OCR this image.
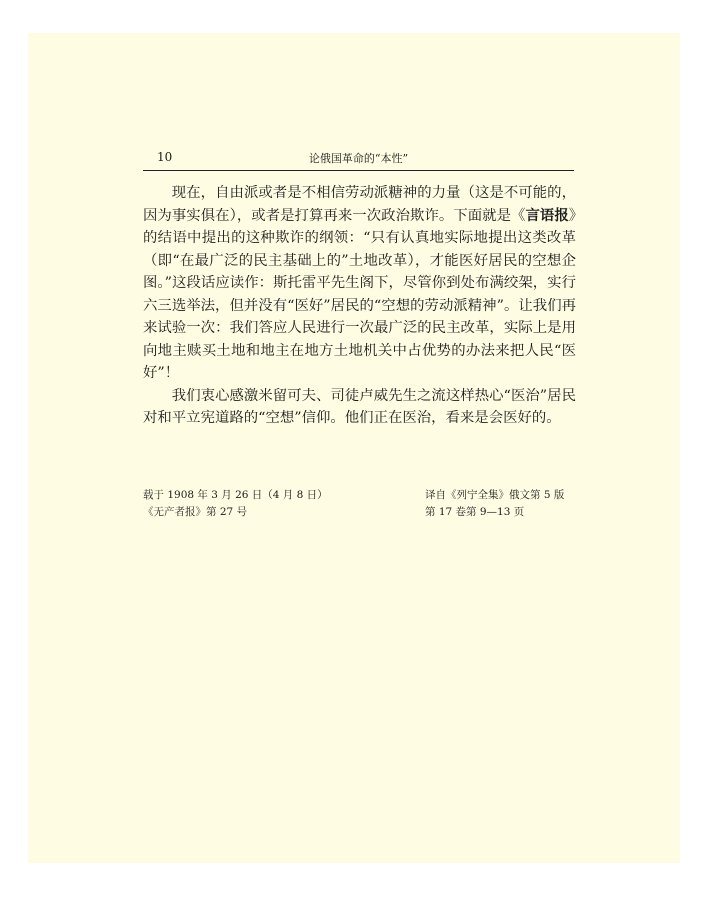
10	论俄国革命的“本性”

现在，自由派或者是不相信劳动派糖神的力量（这是不可能的，因为事实俱在），或者是打算再来一次政治欺诈。下面就是《言语报》的结语中提出的这种欺诈的纲领：“只有认真地实际地提出这类改革（即“在最广泛的民主基础上的”土地改革），才能医好居民的空想企图。”这段话应读作：斯托雷平先生阁下，尽管你到处布满绞架，实行六三选举法，但并没有“医好”居民的“空想的劳动派精神”。让我们再来试验一次：我们答应人民进行一次最广泛的民主改革，实际上是用向地主赎买土地和地主在地方土地机关中占优势的办法来把人民“医好”！

我们衷心感激米留可夫、司徒卢威先生之流这样热心“医治”居民对和平立宪道路的“空想”信仰。他们正在医治，看来是会医好的。

载于 1908 年 3 月 26 日（4 月 8 日）
《无产者报》第 27 号
译自《列宁全集》俄文第 5 版
第 17 卷第 9—13 页
